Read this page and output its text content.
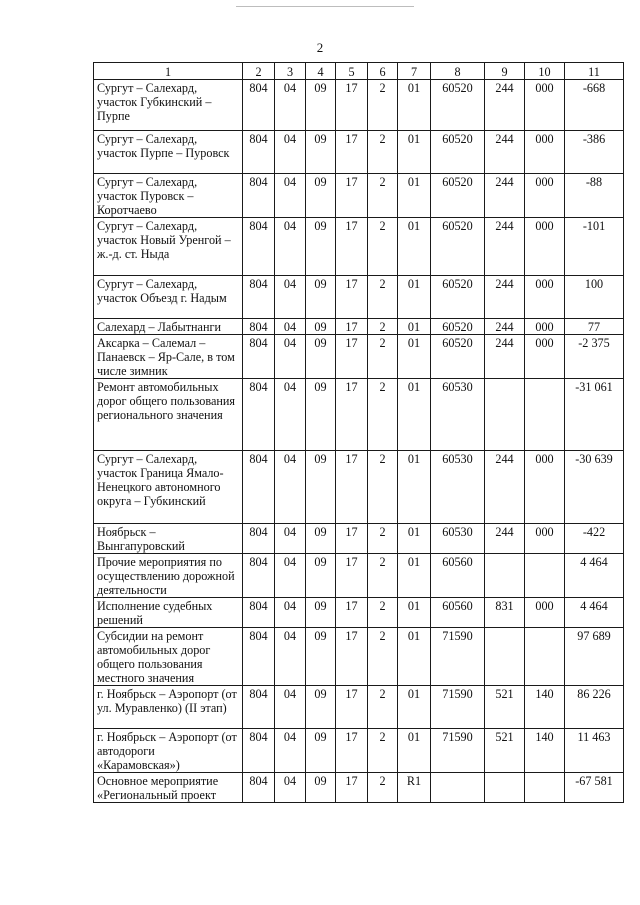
2
1	2	3	4	5	6	7	8	9	10	11
Сургут – Салехард, участок Губкинский – Пурпе	804	04	09	17	2	01	60520	244	000	-668
Сургут – Салехард, участок Пурпе – Пуровск	804	04	09	17	2	01	60520	244	000	-386
Сургут – Салехард, участок Пуровск – Коротчаево	804	04	09	17	2	01	60520	244	000	-88
Сургут – Салехард, участок Новый Уренгой – ж.-д. ст. Ныда	804	04	09	17	2	01	60520	244	000	-101
Сургут – Салехард, участок Объезд г. Надым	804	04	09	17	2	01	60520	244	000	100
Салехард – Лабытнанги	804	04	09	17	2	01	60520	244	000	77
Аксарка – Салемал – Панаевск – Яр-Сале, в том числе зимник	804	04	09	17	2	01	60520	244	000	-2 375
Ремонт автомобильных дорог общего пользования регионального значения	804	04	09	17	2	01	60530			-31 061
Сургут – Салехард, участок Граница Ямало-Ненецкого автономного округа – Губкинский	804	04	09	17	2	01	60530	244	000	-30 639
Ноябрьск – Вынгапуровский	804	04	09	17	2	01	60530	244	000	-422
Прочие мероприятия по осуществлению дорожной деятельности	804	04	09	17	2	01	60560			4 464
Исполнение судебных решений	804	04	09	17	2	01	60560	831	000	4 464
Субсидии на ремонт автомобильных дорог общего пользования местного значения	804	04	09	17	2	01	71590			97 689
г. Ноябрьск – Аэропорт (от ул. Муравленко) (II этап)	804	04	09	17	2	01	71590	521	140	86 226
г. Ноябрьск – Аэропорт (от автодороги «Карамовская»)	804	04	09	17	2	01	71590	521	140	11 463
Основное мероприятие «Региональный проект	804	04	09	17	2	R1				-67 581
